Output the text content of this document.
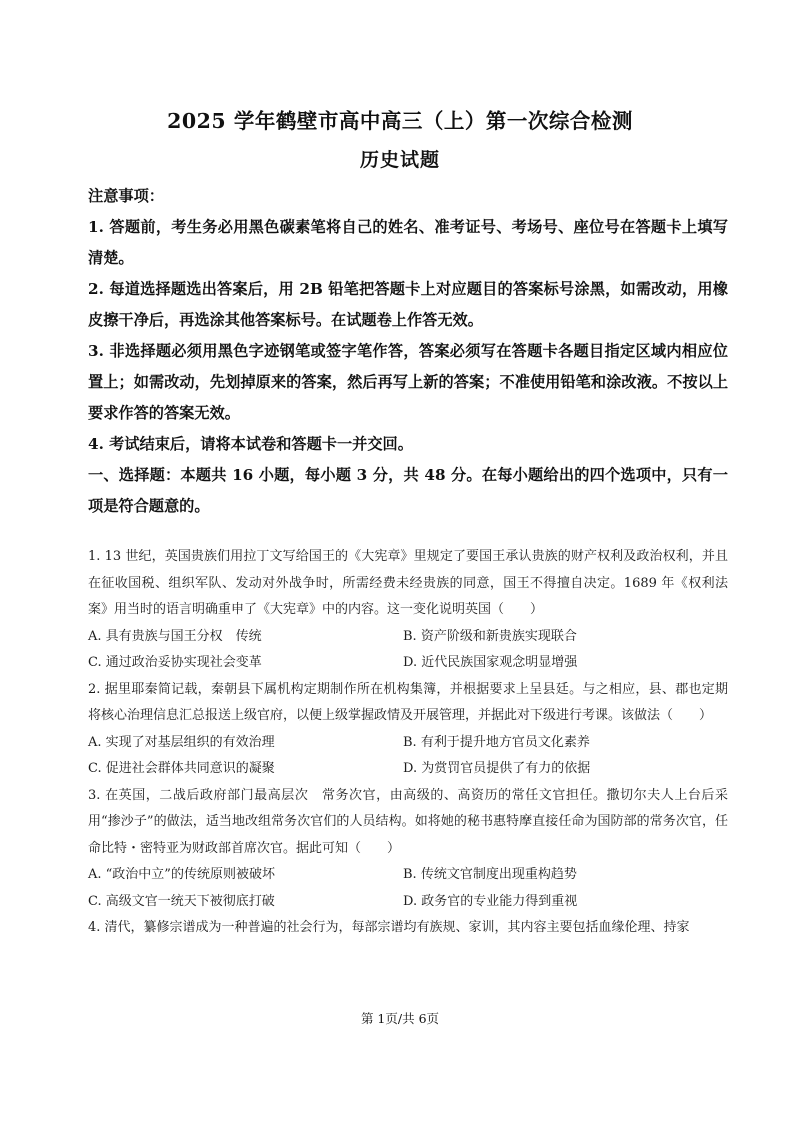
2025 学年鹤壁市高中高三（上）第一次综合检测
历史试题

注意事项：

1. 答题前，考生务必用黑色碳素笔将自己的姓名、准考证号、考场号、座位号在答题卡上填写清楚。

2. 每道选择题选出答案后，用 2B 铅笔把答题卡上对应题目的答案标号涂黑，如需改动，用橡皮擦干净后，再选涂其他答案标号。在试题卷上作答无效。

3. 非选择题必须用黑色字迹钢笔或签字笔作答，答案必须写在答题卡各题目指定区域内相应位置上；如需改动，先划掉原来的答案，然后再写上新的答案；不准使用铅笔和涂改液。不按以上要求作答的答案无效。

4. 考试结束后，请将本试卷和答题卡一并交回。

一、选择题：本题共 16 小题，每小题 3 分，共 48 分。在每小题给出的四个选项中，只有一项是符合题意的。

1. 13 世纪，英国贵族们用拉丁文写给国王的《大宪章》里规定了要国王承认贵族的财产权利及政治权利，并且在征收国税、组织军队、发动对外战争时，所需经费未经贵族的同意，国王不得擅自决定。1689 年《权利法案》用当时的语言明确重申了《大宪章》中的内容。这一变化说明英国（　　）

A. 具有贵族与国王分权　传统	B. 资产阶级和新贵族实现联合
C. 通过政治妥协实现社会变革	D. 近代民族国家观念明显增强

2. 据里耶秦简记载，秦朝县下属机构定期制作所在机构集簿，并根据要求上呈县廷。与之相应，县、郡也定期将核心治理信息汇总报送上级官府，以便上级掌握政情及开展管理，并据此对下级进行考课。该做法（　　）

A. 实现了对基层组织的有效治理	B. 有利于提升地方官员文化素养
C. 促进社会群体共同意识的凝聚	D. 为赏罚官员提供了有力的依据

3. 在英国，二战后政府部门最高层次　常务次官，由高级的、高资历的常任文官担任。撒切尔夫人上台后采用“掺沙子”的做法，适当地改组常务次官们的人员结构。如将她的秘书惠特摩直接任命为国防部的常务次官，任命比特・密特亚为财政部首席次官。据此可知（　　）

A. “政治中立”的传统原则被破坏	B. 传统文官制度出现重构趋势
C. 高级文官一统天下被彻底打破	D. 政务官的专业能力得到重视

4. 清代，纂修宗谱成为一种普遍的社会行为，每部宗谱均有族规、家训，其内容主要包括血缘伦理、持家

第 1页/共 6页
